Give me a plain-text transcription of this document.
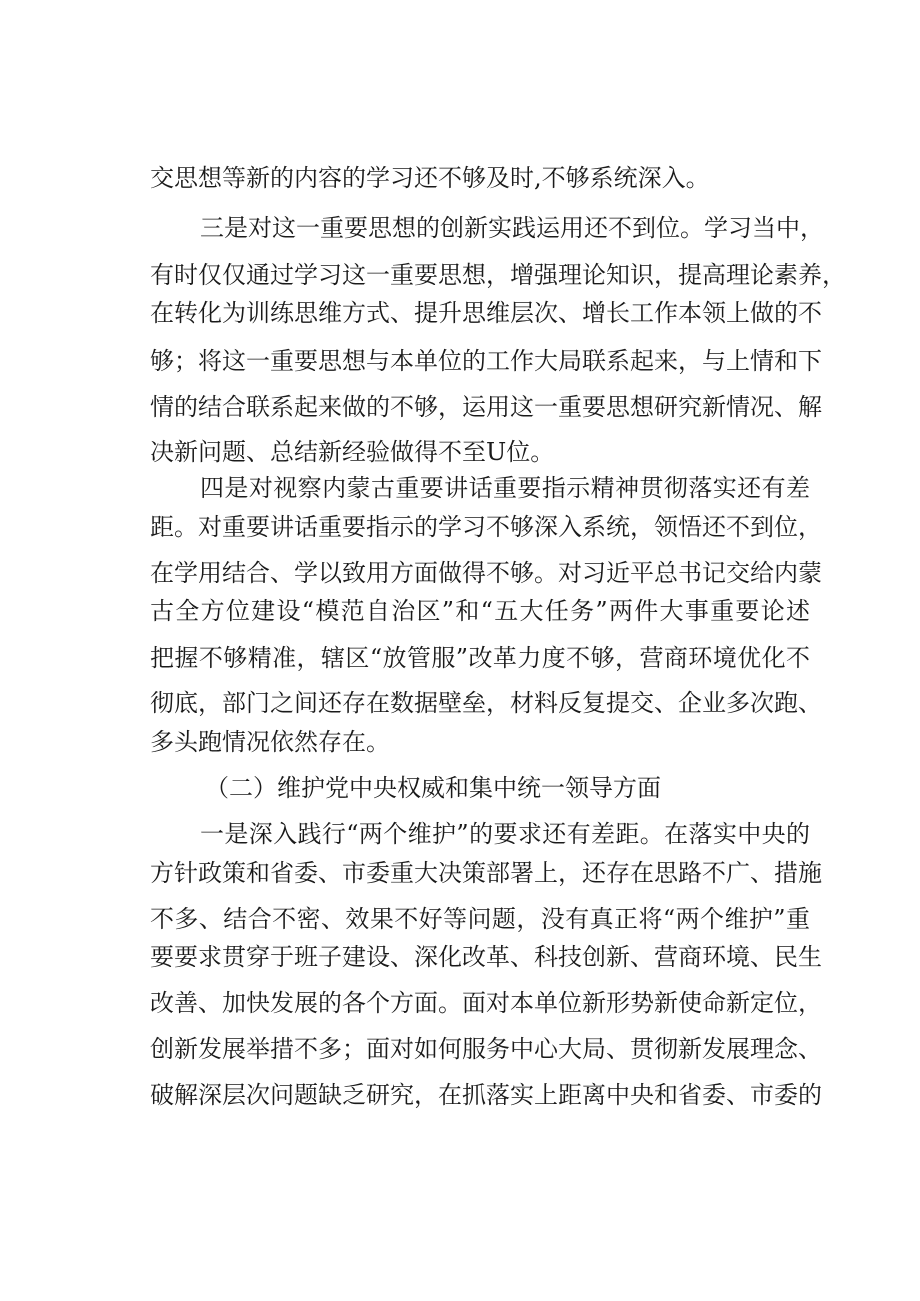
交思想等新的内容的学习还不够及时,不够系统深入。
三是对这一重要思想的创新实践运用还不到位。学习当中，
有时仅仅通过学习这一重要思想，增强理论知识，提高理论素养，
在转化为训练思维方式、提升思维层次、增长工作本领上做的不
够；将这一重要思想与本单位的工作大局联系起来，与上情和下
情的结合联系起来做的不够，运用这一重要思想研究新情况、解
决新问题、总结新经验做得不至U位。
四是对视察内蒙古重要讲话重要指示精神贯彻落实还有差
距。对重要讲话重要指示的学习不够深入系统，领悟还不到位，
在学用结合、学以致用方面做得不够。对习近平总书记交给内蒙
古全方位建设“模范自治区”和“五大任务”两件大事重要论述
把握不够精准，辖区“放管服”改革力度不够，营商环境优化不
彻底，部门之间还存在数据壁垒，材料反复提交、企业多次跑、
多头跑情况依然存在。
（二）维护党中央权威和集中统一领导方面
一是深入践行“两个维护”的要求还有差距。在落实中央的
方针政策和省委、市委重大决策部署上，还存在思路不广、措施
不多、结合不密、效果不好等问题，没有真正将“两个维护”重
要要求贯穿于班子建设、深化改革、科技创新、营商环境、民生
改善、加快发展的各个方面。面对本单位新形势新使命新定位，
创新发展举措不多；面对如何服务中心大局、贯彻新发展理念、
破解深层次问题缺乏研究，在抓落实上距离中央和省委、市委的
